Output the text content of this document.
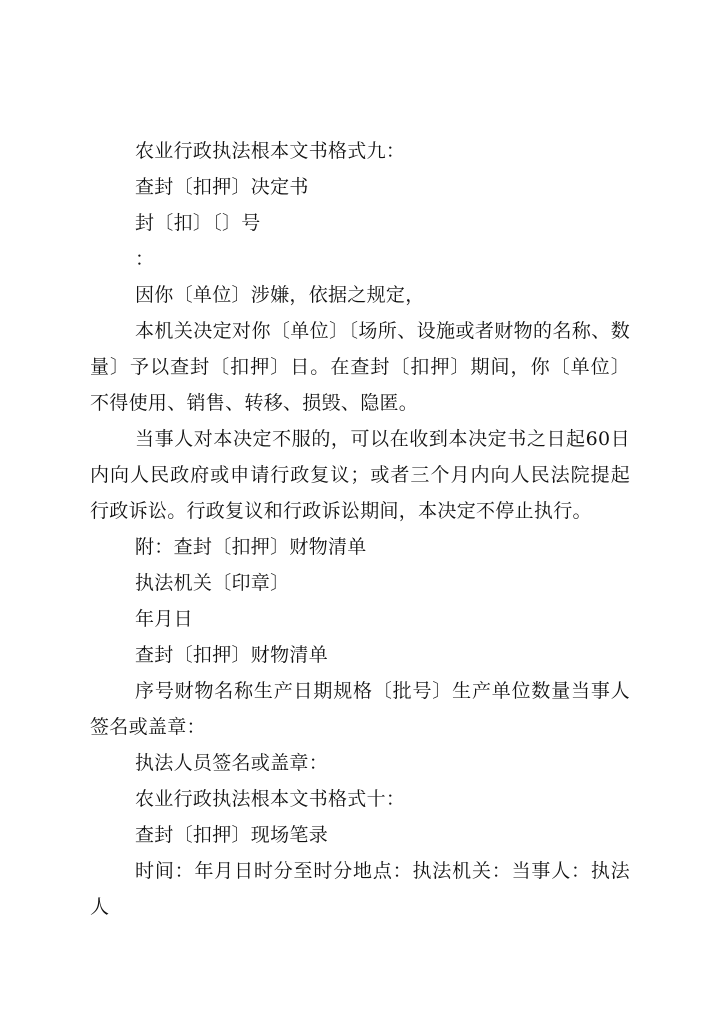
农业行政执法根本文书格式九：

查封〔扣押〕决定书

封〔扣〕〔〕号

：

因你〔单位〕涉嫌，依据之规定，

本机关决定对你〔单位〕〔场所、设施或者财物的名称、数量〕予以查封〔扣押〕日。在查封〔扣押〕期间，你〔单位〕不得使用、销售、转移、损毁、隐匿。

当事人对本决定不服的，可以在收到本决定书之日起60日内向人民政府或申请行政复议；或者三个月内向人民法院提起行政诉讼。行政复议和行政诉讼期间，本决定不停止执行。

附：查封〔扣押〕财物清单

执法机关〔印章〕

年月日

查封〔扣押〕财物清单

序号财物名称生产日期规格〔批号〕生产单位数量当事人签名或盖章：

执法人员签名或盖章：

农业行政执法根本文书格式十：

查封〔扣押〕现场笔录

时间：年月日时分至时分地点：执法机关：当事人：执法人
